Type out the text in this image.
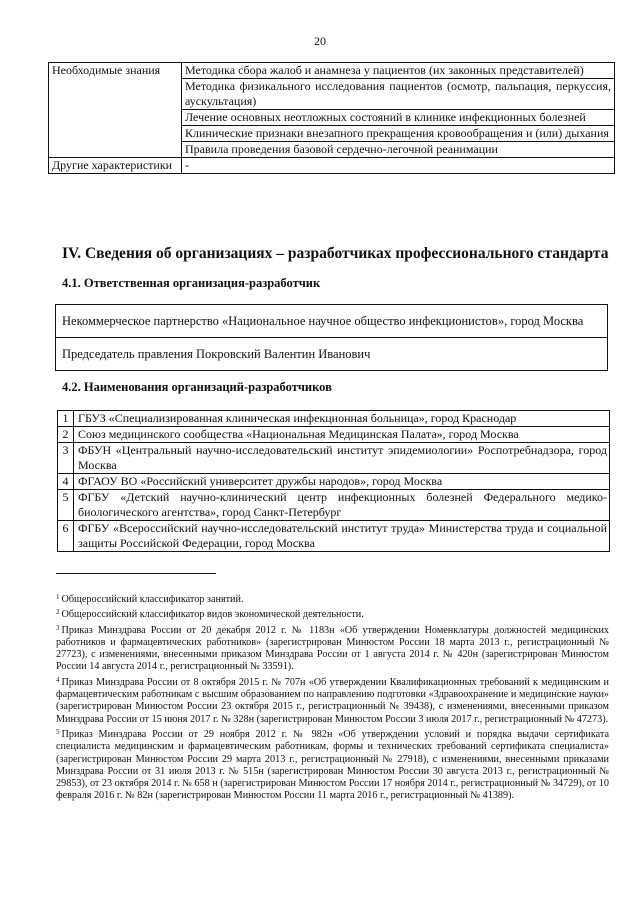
20
Необходимые знания	Методика сбора жалоб и анамнеза у пациентов (их законных представителей)
	Методика физикального исследования пациентов (осмотр, пальпация, перкуссия, аускультация)
	Лечение основных неотложных состояний в клинике инфекционных болезней
	Клинические признаки внезапного прекращения кровообращения и (или) дыхания
	Правила проведения базовой сердечно-легочной реанимации
Другие характеристики	-
IV. Сведения об организациях – разработчиках профессионального стандарта
4.1. Ответственная организация-разработчик
Некоммерческое партнерство «Национальное научное общество инфекционистов», город Москва
Председатель правления Покровский Валентин Иванович
4.2. Наименования организаций-разработчиков
1	ГБУЗ «Специализированная клиническая инфекционная больница», город Краснодар
2	Союз медицинского сообщества «Национальная Медицинская Палата», город Москва
3	ФБУН «Центральный научно-исследовательский институт эпидемиологии» Роспотребнадзора, город Москва
4	ФГАОУ ВО «Российский университет дружбы народов», город Москва
5	ФГБУ «Детский научно-клинический центр инфекционных болезней Федерального медико-биологического агентства», город Санкт-Петербург
6	ФГБУ «Всероссийский научно-исследовательский институт труда» Министерства труда и социальной защиты Российской Федерации, город Москва

$^1$ Общероссийский классификатор занятий.

$^2$ Общероссийский классификатор видов экономической деятельности.

$^3$ Приказ Минздрава России от 20 декабря 2012 г. № 1183н «Об утверждении Номенклатуры должностей медицинских работников и фармацевтических работников» (зарегистрирован Минюстом России 18 марта 2013 г., регистрационный № 27723), с изменениями, внесенными приказом Минздрава России от 1 августа 2014 г. № 420н (зарегистрирован Минюстом России 14 августа 2014 г., регистрационный № 33591).

$^4$ Приказ Минздрава России от 8 октября 2015 г. № 707н «Об утверждении Квалификационных требований к медицинским и фармацевтическим работникам с высшим образованием по направлению подготовки «Здравоохранение и медицинские науки» (зарегистрирован Минюстом России 23 октября 2015 г., регистрационный № 39438), с изменениями, внесенными приказом Минздрава России от 15 июня 2017 г. № 328н (зарегистрирован Минюстом России 3 июля 2017 г., регистрационный № 47273).

$^5$ Приказ Минздрава России от 29 ноября 2012 г. № 982н «Об утверждении условий и порядка выдачи сертификата специалиста медицинским и фармацевтическим работникам, формы и технических требований сертификата специалиста» (зарегистрирован Минюстом России 29 марта 2013 г., регистрационный № 27918), с изменениями, внесенными приказами Минздрава России от 31 июля 2013 г. № 515н (зарегистрирован Минюстом России 30 августа 2013 г., регистрационный № 29853), от 23 октября 2014 г. № 658 н (зарегистрирован Минюстом России 17 ноября 2014 г., регистрационный № 34729), от 10 февраля 2016 г. № 82н (зарегистрирован Минюстом России 11 марта 2016 г., регистрационный № 41389).
